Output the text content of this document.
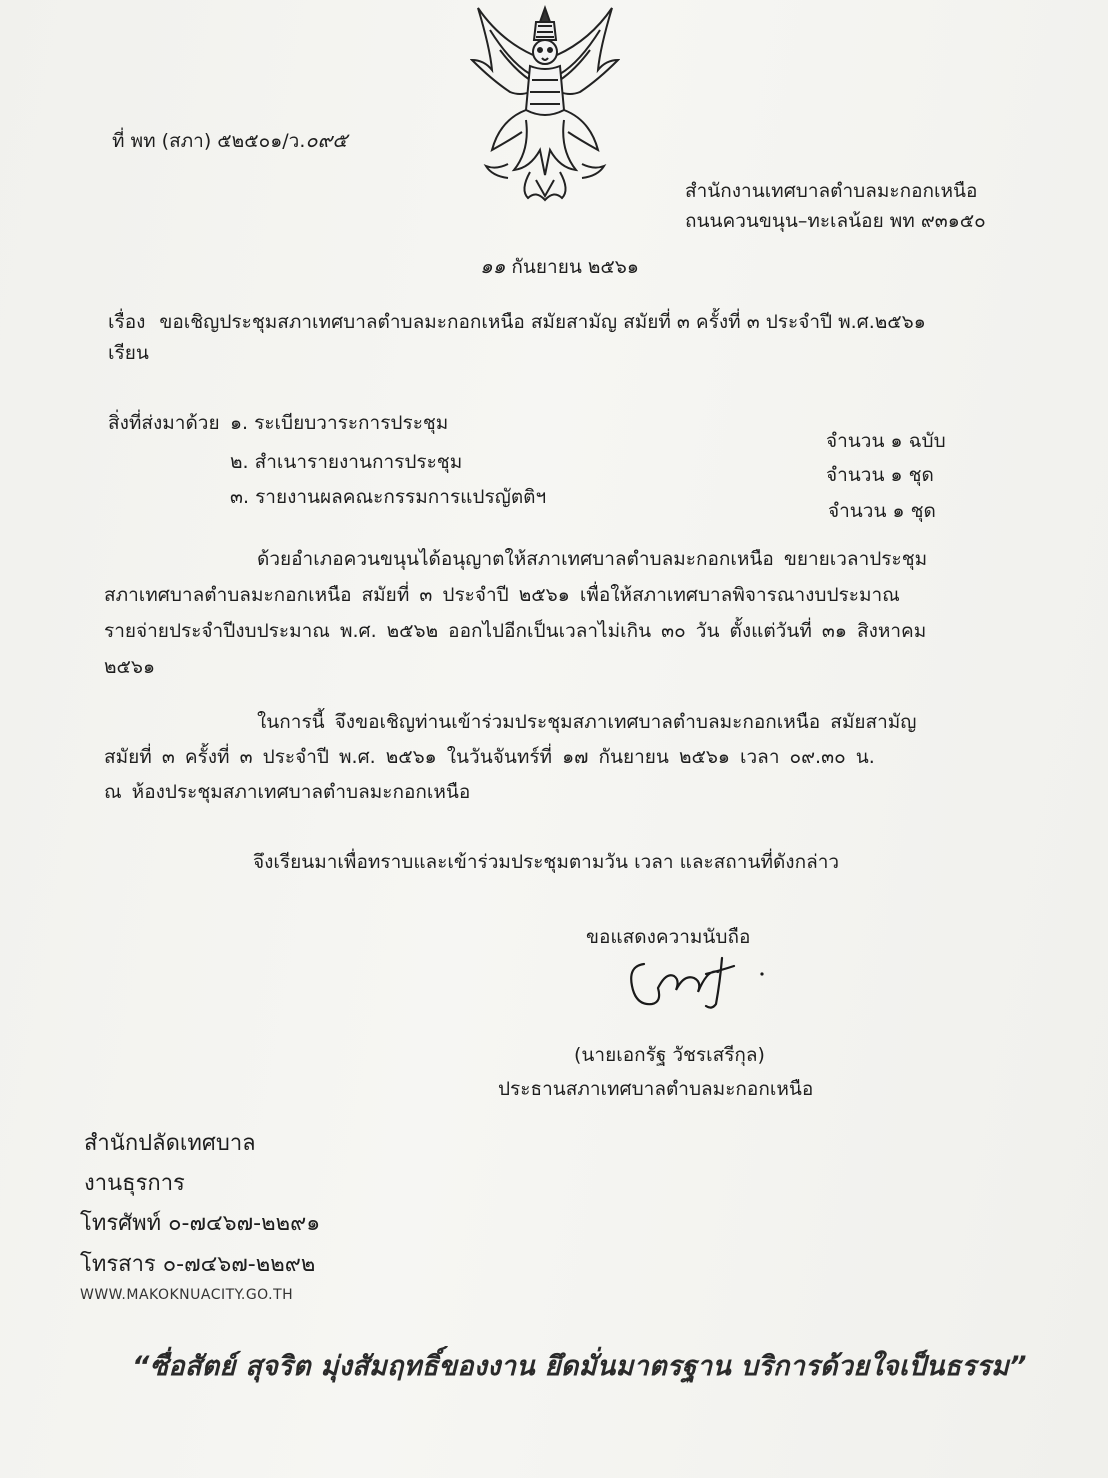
ที่ พท (สภา) ๕๒๕๐๑/ว.๐๙๕
สำนักงานเทศบาลตำบลมะกอกเหนือ
ถนนควนขนุน–ทะเลน้อย พท ๙๓๑๕๐
๑๑ กันยายน ๒๕๖๑
เรื่อง ขอเชิญประชุมสภาเทศบาลตำบลมะกอกเหนือ สมัยสามัญ สมัยที่ ๓ ครั้งที่ ๓ ประจำปี พ.ศ.๒๕๖๑
เรียน
สิ่งที่ส่งมาด้วย ๑. ระเบียบวาระการประชุม
๒. สำเนารายงานการประชุม
๓. รายงานผลคณะกรรมการแปรญัตติฯ
จำนวน ๑ ฉบับ
จำนวน ๑ ชุด
จำนวน ๑ ชุด
ด้วยอำเภอควนขนุนได้อนุญาตให้สภาเทศบาลตำบลมะกอกเหนือ ขยายเวลาประชุม
สภาเทศบาลตำบลมะกอกเหนือ สมัยที่ ๓ ประจำปี ๒๕๖๑ เพื่อให้สภาเทศบาลพิจารณางบประมาณ
รายจ่ายประจำปีงบประมาณ พ.ศ. ๒๕๖๒ ออกไปอีกเป็นเวลาไม่เกิน ๓๐ วัน ตั้งแต่วันที่ ๓๑ สิงหาคม
๒๕๖๑
ในการนี้ จึงขอเชิญท่านเข้าร่วมประชุมสภาเทศบาลตำบลมะกอกเหนือ สมัยสามัญ
สมัยที่ ๓ ครั้งที่ ๓ ประจำปี พ.ศ. ๒๕๖๑ ในวันจันทร์ที่ ๑๗ กันยายน ๒๕๖๑ เวลา ๐๙.๓๐ น.
ณ ห้องประชุมสภาเทศบาลตำบลมะกอกเหนือ
จึงเรียนมาเพื่อทราบและเข้าร่วมประชุมตามวัน เวลา และสถานที่ดังกล่าว
ขอแสดงความนับถือ
(นายเอกรัฐ วัชรเสรีกุล)
ประธานสภาเทศบาลตำบลมะกอกเหนือ
สำนักปลัดเทศบาล
งานธุรการ
โทรศัพท์ ๐-๗๔๖๗-๒๒๙๑
โทรสาร ๐-๗๔๖๗-๒๒๙๒
WWW.MAKOKNUACITY.GO.TH
“ซื่อสัตย์ สุจริต มุ่งสัมฤทธิ์ของงาน ยึดมั่นมาตรฐาน บริการด้วยใจเป็นธรรม”
